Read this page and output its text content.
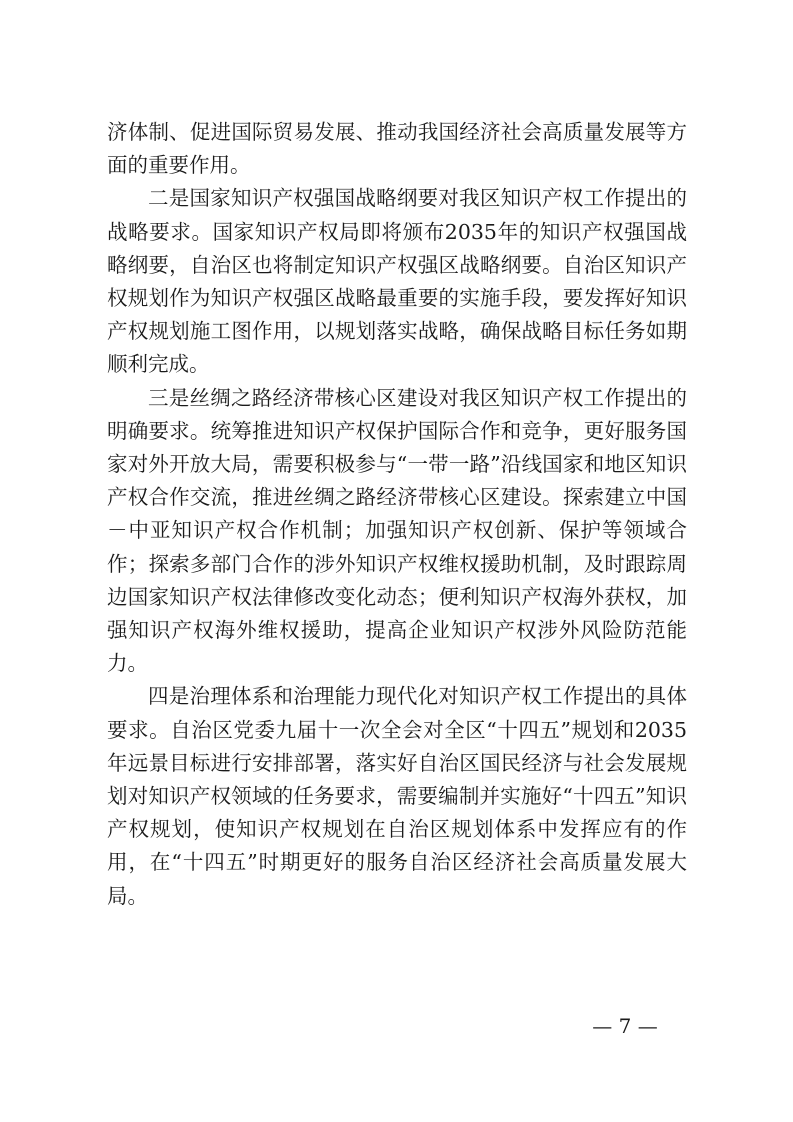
济体制、促进国际贸易发展、推动我国经济社会高质量发展等方面的重要作用。

二是国家知识产权强国战略纲要对我区知识产权工作提出的战略要求。国家知识产权局即将颁布2035年的知识产权强国战略纲要，自治区也将制定知识产权强区战略纲要。自治区知识产权规划作为知识产权强区战略最重要的实施手段，要发挥好知识产权规划施工图作用，以规划落实战略，确保战略目标任务如期顺利完成。

三是丝绸之路经济带核心区建设对我区知识产权工作提出的明确要求。统筹推进知识产权保护国际合作和竞争，更好服务国家对外开放大局，需要积极参与“一带一路”沿线国家和地区知识产权合作交流，推进丝绸之路经济带核心区建设。探索建立中国－中亚知识产权合作机制；加强知识产权创新、保护等领域合作；探索多部门合作的涉外知识产权维权援助机制，及时跟踪周边国家知识产权法律修改变化动态；便利知识产权海外获权，加强知识产权海外维权援助，提高企业知识产权涉外风险防范能力。

四是治理体系和治理能力现代化对知识产权工作提出的具体要求。自治区党委九届十一次全会对全区“十四五”规划和2035年远景目标进行安排部署，落实好自治区国民经济与社会发展规划对知识产权领域的任务要求，需要编制并实施好“十四五”知识产权规划，使知识产权规划在自治区规划体系中发挥应有的作用，在“十四五”时期更好的服务自治区经济社会高质量发展大局。

— 7 —
